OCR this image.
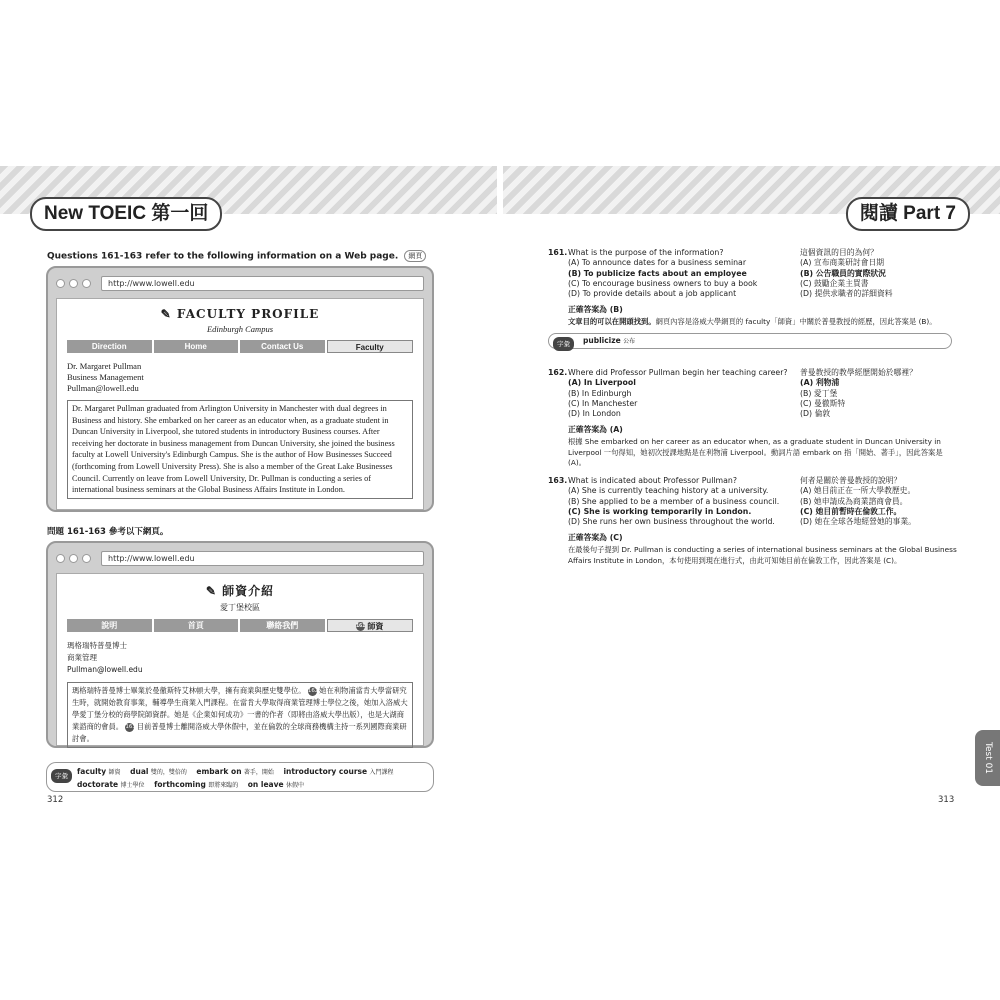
New TOEIC 第一回	閱讀 Part 7
Questions 161-163 refer to the following information on a Web page. 網頁
http://www.lowell.edu
✎ FACULTY PROFILE
Edinburgh Campus
Direction	Home	Contact Us	Faculty
Dr. Margaret Pullman
Business Management
Pullman@lowell.edu
Dr. Margaret Pullman graduated from Arlington University in Manchester with dual degrees in Business and history. She embarked on her career as an educator when, as a graduate student in Duncan University in Liverpool, she tutored students in introductory Business courses. After receiving her doctorate in business management from Duncan University, she joined the business faculty at Lowell University's Edinburgh Campus. She is the author of How Businesses Succeed (forthcoming from Lowell University Press). She is also a member of the Great Lake Businesses Council. Currently on leave from Lowell University, Dr. Pullman is conducting a series of international business seminars at the Global Business Affairs Institute in London.
問題 161-163 參考以下網頁。
http://www.lowell.edu
✎ 師資介紹
愛丁堡校區
說明	首頁	聯絡我們	161 師資
瑪格瑞特普曼博士
商業管理
Pullman@lowell.edu
瑪格瑞特普曼博士畢業於曼徹斯特艾林頓大學，擁有商業與歷史雙學位。 162 她在利物浦當肯大學當研究生時，就開始教育事業，輔導學生商業入門課程。在當肯大學取得商業管理博士學位之後，她加入洛威大學愛丁堡分校的商學院師資群。她是《企業如何成功》一書的作者（即將由洛威大學出版），也是大湖商業諮商的會員。 163 目前普曼博士離開洛威大學休假中，並在倫敦的全球商務機構主持一系列國際商業研討會。
字彙	faculty 師資 dual 雙的，雙倍的 embark on 著手，開始 introductory course 入門課程
doctorate 博士學位 forthcoming 即將來臨的 on leave 休假中
312
161. What is the purpose of the information?
(A) To announce dates for a business seminar
(B) To publicize facts about an employee
(C) To encourage business owners to buy a book
(D) To provide details about a job applicant
這個資訊的目的為何？
(A) 宣布商業研討會日期
(B) 公告職員的實際狀況
(C) 鼓勵企業主買書
(D) 提供求職者的詳細資料
正確答案為 (B)
文章目的可以在開頭找到。網頁內容是洛威大學網頁的 faculty「師資」中關於普曼教授的經歷，因此答案是 (B)。
162. Where did Professor Pullman begin her teaching career?
(A) In Liverpool
(B) In Edinburgh
(C) In Manchester
(D) In London
普曼教授的教學經歷開始於哪裡？
(A) 利物浦
(B) 愛丁堡
(C) 曼徹斯特
(D) 倫敦
正確答案為 (A)
根據 She embarked on her career as an educator when, as a graduate student in Duncan University in Liverpool 一句得知，她初次授課地點是在利物浦 Liverpool。動詞片語 embark on 指「開始、著手」，因此答案是 (A)。
163. What is indicated about Professor Pullman?
(A) She is currently teaching history at a university.
(B) She applied to be a member of a business council.
(C) She is working temporarily in London.
(D) She runs her own business throughout the world.
何者是關於普曼教授的說明？
(A) 她目前正在一所大學教歷史。
(B) 她申請成為商業諮商會員。
(C) 她目前暫時在倫敦工作。
(D) 她在全球各地經營她的事業。
正確答案為 (C)
在最後句子提到 Dr. Pullman is conducting a series of international business seminars at the Global Business Affairs Institute in London，本句使用到現在進行式，由此可知她目前在倫敦工作，因此答案是 (C)。
字彙	publicize 公布
Test 01
313
